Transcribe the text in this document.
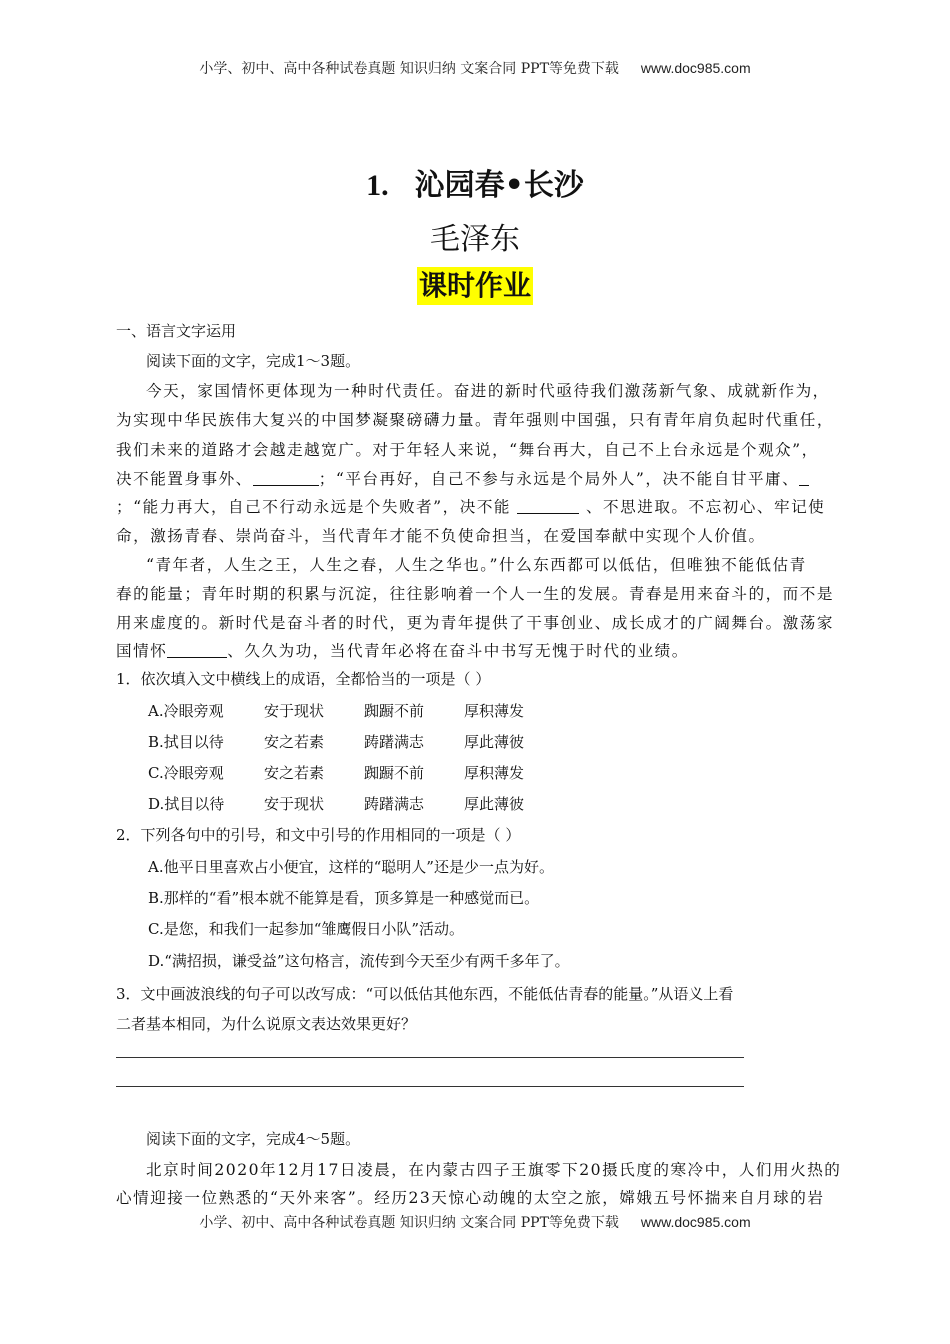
小学、初中、高中各种试卷真题 知识归纳 文案合同 PPT等免费下载 www.doc985.com
1. 沁园春•长沙
毛泽东
课时作业
一、语言文字运用
阅读下面的文字，完成1～3题。
今天，家国情怀更体现为一种时代责任。奋进的新时代亟待我们激荡新气象、成就新作为，
为实现中华民族伟大复兴的中国梦凝聚磅礴力量。青年强则中国强，只有青年肩负起时代重任，
我们未来的道路才会越走越宽广。对于年轻人来说，“舞台再大，自己不上台永远是个观众”，
决不能置身事外、	；“平台再好，自己不参与永远是个局外人”，决不能自甘平庸、
；“能力再大，自己不行动永远是个失败者”，决不能	、不思进取。不忘初心、牢记使
命，激扬青春、崇尚奋斗，当代青年才能不负使命担当，在爱国奉献中实现个人价值。
“青年者，人生之王，人生之春，人生之华也。”什么东西都可以低估，但唯独不能低估青
春的能量；青年时期的积累与沉淀，往往影响着一个人一生的发展。青春是用来奋斗的，而不是
用来虚度的。新时代是奋斗者的时代，更为青年提供了干事创业、成长成才的广阔舞台。激荡家
国情怀	、久久为功，当代青年必将在奋斗中书写无愧于时代的业绩。
1．依次填入文中横线上的成语，全都恰当的一项是（ ）
A.冷眼旁观	安于现状	踟蹰不前	厚积薄发
B.拭目以待	安之若素	踌躇满志	厚此薄彼
C.冷眼旁观	安之若素	踟蹰不前	厚积薄发
D.拭目以待	安于现状	踌躇满志	厚此薄彼
2．下列各句中的引号，和文中引号的作用相同的一项是（ ）
A.他平日里喜欢占小便宜，这样的“聪明人”还是少一点为好。
B.那样的“看”根本就不能算是看，顶多算是一种感觉而已。
C.是您，和我们一起参加“雏鹰假日小队”活动。
D.“满招损，谦受益”这句格言，流传到今天至少有两千多年了。
3．文中画波浪线的句子可以改写成：“可以低估其他东西，不能低估青春的能量。”从语义上看
二者基本相同，为什么说原文表达效果更好？
阅读下面的文字，完成4～5题。
北京时间2020年12月17日凌晨，在内蒙古四子王旗零下20摄氏度的寒冷中，人们用火热的
心情迎接一位熟悉的“天外来客”。经历23天惊心动魄的太空之旅，嫦娥五号怀揣来自月球的岩
小学、初中、高中各种试卷真题 知识归纳 文案合同 PPT等免费下载 www.doc985.com
